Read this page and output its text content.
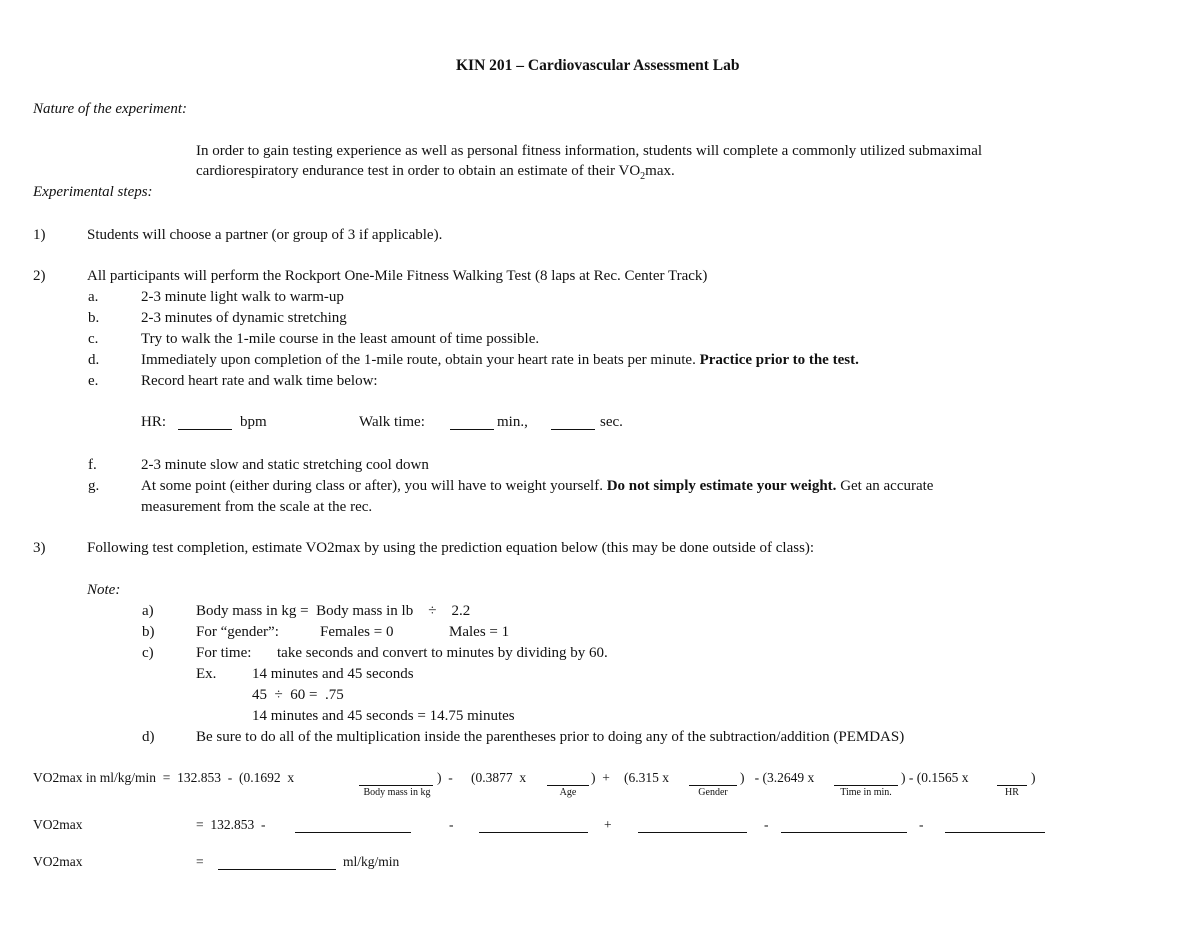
KIN 201 – Cardiovascular Assessment Lab
Nature of the experiment:
In order to gain testing experience as well as personal fitness information, students will complete a commonly utilized submaximal
cardiorespiratory endurance test in order to obtain an estimate of their $VO_2\max$.
Experimental steps:
1)	Students will choose a partner (or group of 3 if applicable).
2)	All participants will perform the Rockport One-Mile Fitness Walking Test (8 laps at Rec. Center Track)
a.	2-3 minute light walk to warm-up
b.	2-3 minutes of dynamic stretching
c.	Try to walk the 1-mile course in the least amount of time possible.
d.	Immediately upon completion of the 1-mile route, obtain your heart rate in beats per minute. Practice prior to the test.
e.	Record heart rate and walk time below:
HR:	bpm	Walk time:	min.,	sec.
f.	2-3 minute slow and static stretching cool down
g.	At some point (either during class or after), you will have to weight yourself. Do not simply estimate your weight. Get an accurate
measurement from the scale at the rec.
3)	Following test completion, estimate VO2max by using the prediction equation below (this may be done outside of class):
Note:
a)	Body mass in kg =  Body mass in lb    ÷    2.2
b)	For “gender”:	Females = 0	Males = 1
c)	For time: take seconds and convert to minutes by dividing by 60.
Ex. 14 minutes and 45 seconds
45  ÷  60 =  .75
14 minutes and 45 seconds = 14.75 minutes
d)	Be sure to do all of the multiplication inside the parentheses prior to doing any of the subtraction/addition (PEMDAS)
VO2max in ml/kg/min  =  132.853  -  (0.1692  x	)  - (0.3877  x	)  + (6.315 x	)   - (3.2649 x	) - (0.1565 x	)
Body mass in kg	Age	Gender	Time in min.	HR
VO2max	=  132.853  -	-	+	-	-
VO2max	=	ml/kg/min
